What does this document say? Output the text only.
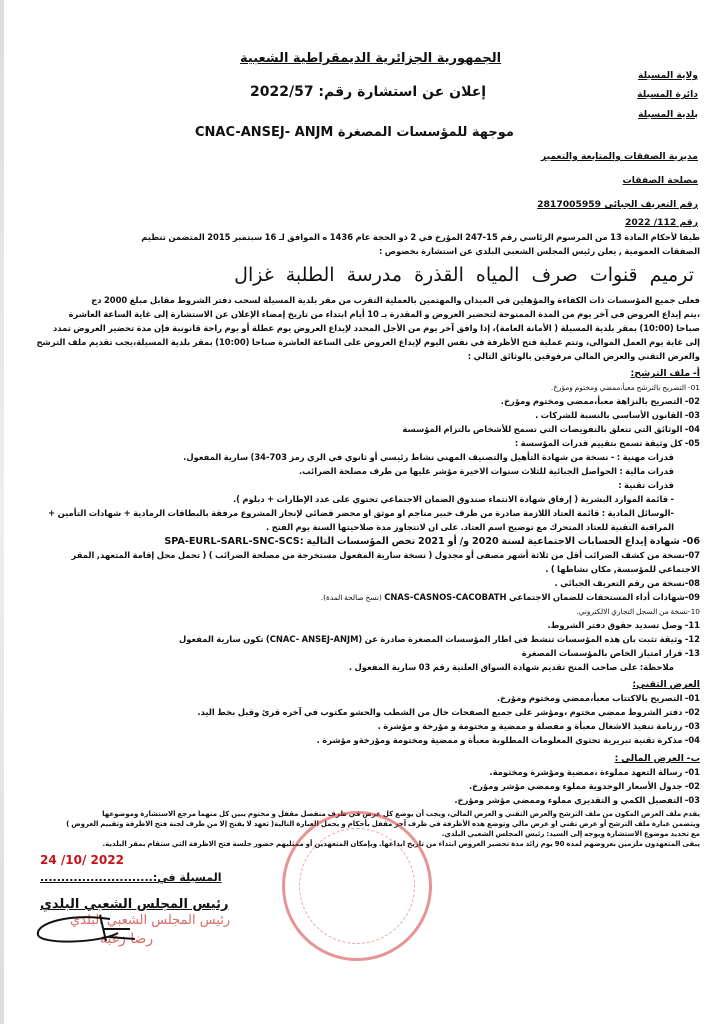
الجمهورية الجزائرية الديمقراطية الشعبية
إعلان عن استشارة رقم: 2022/57
موجهة للمؤسسات المصغرة CNAC-ANSEJ- ANJM
ولاية المسيلة
دائرة المسيلة
بلدية المسيلة
مديرية الصفقات والمتابعة والتعمير
مصلحة الصفقات
رقم التعريف الجبائي 2817005959
رقم 112/ 2022
طبقا لأحكام المادة 13 من المرسوم الرئاسي رقم 15-247 المؤرخ في 2 ذو الحجة عام 1436 ه الموافق لـ 16 سبتمبر 2015 المتضمن تنظيم
الصفقات العمومية , يعلن رئيس المجلس الشعبي البلدي عن استشارة بخصوص :
ترميم قنوات صرف المياه القذرة مدرسة الطلبة غزال
فعلى جميع المؤسسات ذات الكفاءة والمؤهلين في الميدان والمهتمين بالعملية التقرب من مقر بلدية المسيلة لسحب دفتر الشروط مقابل مبلغ 2000 دج
،يتم إيداع العروض في آخر يوم من المدة الممنوحة لتحضير العروض و المقدرة بـ 10 أيام ابتداء من تاريخ إمضاء الإعلان عن الاستشارة إلى غاية الساعة العاشرة
صباحا (10:00) بمقر بلدية المسيلة ( الأمانة العامة)، إذا وافق آخر يوم من الأجل المحدد لإيداع العروض يوم عطلة أو يوم راحة قانونية فإن مدة تحضير العروض تمدد
إلى غاية يوم العمل الموالي، وتتم عملية فتح الأظرفة في نفس اليوم لإيداع العروض على الساعة العاشرة صباحا (10:00) بمقر بلدية المسيلة،يجب تقديم ملف الترشح
والعرض التقني والعرض المالي مرفوقين بالوثائق التالي :
أ- ملف الترشح:
01- التصريح بالترشح معبأ،ممضي ومختوم ومؤرخ.
02- التصريح بالنزاهة معبأ،ممضي ومختوم ومؤرخ.
03- القانون الأساسي بالنسبة للشركات .
04- الوثائق التي تتعلق بالتفويضات التي تسمح للأشخاص بالتزام المؤسسة
05- كل وثيقة تسمح بتقييم قدرات المؤسسة :
قدرات مهنية : - نسخة من شهادة التأهيل والتصنيف المهني نشاط رئيسي أو ثانوي في الري رمز 703-34) سارية المفعول.
قدرات مالية : الحواصل الجبائية للثلاث سنوات الاخيرة مؤشر عليها من طرف مصلحة الضرائب.
قدرات تقنية :
- قائمة الموارد البشرية ( إرفاق شهادة الانتماء صندوق الضمان الاجتماعي تحتوي على عدد الإطارات + دبلوم ).
-الوسائل المادية : قائمة العتاد اللازمة صادرة من طرف خبير مناجم او موثق او محضر قضائي لإنجاز المشروع مرفقة بالبطاقات الرمادية + شهادات التأمين +
المراقبة التقنية للعتاد المتحرك مع توضيح اسم العتاد. على ان لاتتجاوز مدة صلاحيتها السنة يوم الفتح .
06- شهادة إيداع الحسابات الاجتماعية لسنة 2020 و/ أو 2021 تخص المؤسسات التالية :SPA-EURL-SARL-SNC-SCS
07-نسخة من كشف الضرائب أقل من ثلاثة أشهر مصفى أو مجدول ( نسخة سارية المفعول مستخرجة من مصلحة الضرائب ) ( تحمل محل إقامة المتعهد, المقر
الاجتماعي للمؤسسة, مكان نشاطها ) .
08-نسخة من رقم التعريف الجبائي .
09-شهادات أداء المستحقات للضمان الاجتماعي CNAS-CASNOS-CACOBATH (نسخ صالحة المدة).
10-نسخة من السجل التجاري الالكتروني.
11- وصل تسديد حقوق دفتر الشروط.
12- وثيقة تثبت بان هذه المؤسسات تنشط في اطار المؤسسات المصغرة صادرة عن (CNAC- ANSEJ-ANJM) تكون سارية المفعول
13- قرار امتياز الخاص بالمؤسسات المصغرة
ملاحظة: على صاحب المنح تقديم شهادة السواق العلنية رقم 03 سارية المفعول .
العرض التقني:
01- التصريح بالاكتتاب معبأ،ممضي ومختوم ومؤرخ.
02- دفتر الشروط ممضي مختوم ،ومؤشر على جميع الصفحات خال من الشطب والحشو مكتوب في آخره قرئ وقبل بخط اليد.
03- رزنامة تنفيذ الاشغال معبأة و مفصلة و ممضية و مختومة و مؤرخة و مؤشرة .
04- مذكرة تقنية تبريرية تحتوي المعلومات المطلوبة معبأة و ممضية ومختومة ومؤرخةو مؤشرة .
ب- العرض المالي :
01- رسالة التعهد مملوءة ،ممضية ومؤشرة ومختومة.
02- جدول الأسعار الوحدوية مملوء وممضي مؤشر ومؤرخ.
03- التفصيل الكمي و التقديري مملوء وممضي مؤشر ومؤرخ.
يقدم ملف العرض المكون من ملف الترشح والعرض التقني و العرض المالي، ويجب أن يوضع كل عرض في ظرف منفصل مقفل و مختوم يبين كل منهما مرجع الاستشارة وموضوعها
ويتضمن عبارة ملف الترشح أو عرض تقني او عرض مالي وتوضع هذه الأظرفة في ظرف آخر مقفل بأحكام و يحمل العبارة التالية( تعهد لا يفتح إلا من طرف لجنة فتح الاظرفة وتقييم العروض )
مع تحديد موضوع الاستشارة ويوجه إلى السيد: رئيس المجلس الشعبي البلدي.
يبقى المتعهدون ملزمين بعروضهم لمدة 90 يوم زائد مدة تحضير العروض ابتداء من تاريخ ايداعها. وبإمكان المتعهدين أو ممثليهم حضور جلسة فتح الاظرفة التي ستقام بمقر البلدية.
2022 /10/ 24
المسيلة في:...........................
رئيس المجلس الشعبي البلدي
رئيس المجلس الشعبي البلدي
رضا زغبة
